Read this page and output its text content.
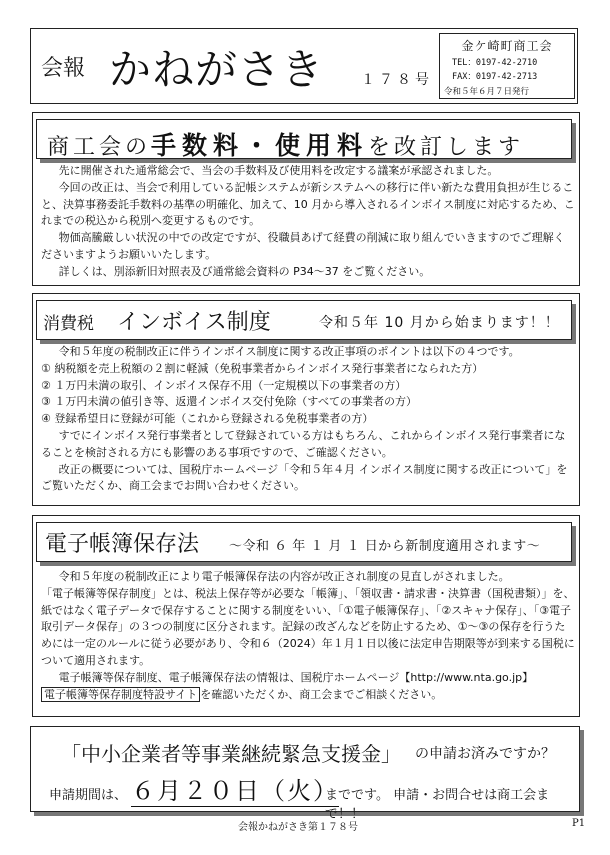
会報 かねがさき	１７８号
金ケ崎町商工会
TEL：0197-42-2710
FAX：0197-42-2713
令和５年６月７日発行
商工会の手数料・使用料を改訂します

先に開催された通常総会で、当会の手数料及び使用料を改定する議案が承認されました。

今回の改正は、当会で利用している記帳システムが新システムへの移行に伴い新たな費用負担が生じること、決算事務委託手数料の基準の明確化、加えて、10 月から導入されるインボイス制度に対応するため、これまでの税込から税別へ変更するものです。

物価高騰厳しい状況の中での改定ですが、役職員あげて経費の削減に取り組んでいきますのでご理解くださいますようお願いいたします。

詳しくは、別添新旧対照表及び通常総会資料の P34～37 をご覧ください。

消費税 インボイス制度	令和５年 10 月から始まります！！

令和５年度の税制改正に伴うインボイス制度に関する改正事項のポイントは以下の４つです。

① 納税額を売上税額の２割に軽減（免税事業者からインボイス発行事業者になられた方）

② １万円未満の取引、インボイス保存不用（一定規模以下の事業者の方）

③ １万円未満の値引き等、返還インボイス交付免除（すべての事業者の方）

④ 登録希望日に登録が可能（これから登録される免税事業者の方）

すでにインボイス発行事業者として登録されている方はもちろん、これからインボイス発行事業者になることを検討される方にも影響のある事項ですので、ご確認ください。

改正の概要については、国税庁ホームページ「令和５年４月 インボイス制度に関する改正について」をご覧いただくか、商工会までお問い合わせください。

電子帳簿保存法 ～令和 ６ 年 １ 月 １ 日から新制度適用されます～

令和５年度の税制改正により電子帳簿保存法の内容が改正され制度の見直しがされました。

「電子帳簿等保存制度」とは、税法上保存等が必要な「帳簿」、「領収書・請求書・決算書（国税書類）」を、紙ではなく電子データで保存することに関する制度をいい、「①電子帳簿保存」、「②スキャナ保存」、「③電子取引データ保存」の３つの制度に区分されます。記録の改ざんなどを防止するため、①～③の保存を行うためには一定のルールに従う必要があり、令和６（2024）年１月１日以後に法定申告期限等が到来する国税について適用されます。

電子帳簿等保存制度、電子帳簿保存法の情報は、国税庁ホームページ【http://www.nta.go.jp】

電子帳簿等保存制度特設サイト を確認いただくか、商工会までご相談ください。

「中小企業者等事業継続緊急支援金」 の申請お済みですか？
申請期間は、 ６月２０日（火）
までです。 申請・お問合せは商工会まで！！
会報かねがさき第１７８号	P1
